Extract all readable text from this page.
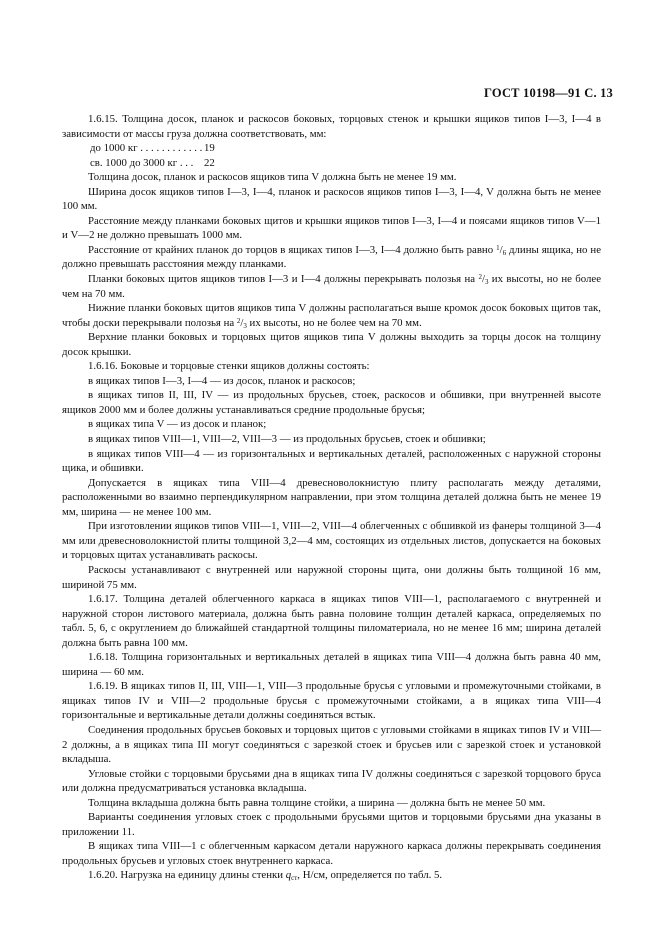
ГОСТ 10198—91 С. 13

1.6.15. Толщина досок, планок и раскосов боковых, торцовых стенок и крышки ящиков типов I—3, I—4 в зависимости от массы груза должна соответствовать, мм:

до 1000 кг . . . . . . . . . . . . 19
св. 1000 до 3000 кг . . . 22

Толщина досок, планок и раскосов ящиков типа V должна быть не менее 19 мм.

Ширина досок ящиков типов I—3, I—4, планок и раскосов ящиков типов I—3, I—4, V должна быть не менее 100 мм.

Расстояние между планками боковых щитов и крышки ящиков типов I—3, I—4 и поясами ящиков типов V—1 и V—2 не должно превышать 1000 мм.

Расстояние от крайних планок до торцов в ящиках типов I—3, I—4 должно быть равно $^1/_6$ длины ящика, но не должно превышать расстояния между планками.

Планки боковых щитов ящиков типов I—3 и I—4 должны перекрывать полозья на $^2/_3$ их высоты, но не более чем на 70 мм.

Нижние планки боковых щитов ящиков типа V должны располагаться выше кромок досок боковых щитов так, чтобы доски перекрывали полозья на $^2/_3$ их высоты, но не более чем на 70 мм.

Верхние планки боковых и торцовых щитов ящиков типа V должны выходить за торцы досок на толщину досок крышки.

1.6.16. Боковые и торцовые стенки ящиков должны состоять:

в ящиках типов I—3, I—4 — из досок, планок и раскосов;

в ящиках типов II, III, IV — из продольных брусьев, стоек, раскосов и обшивки, при внутренней высоте ящиков 2000 мм и более должны устанавливаться средние продольные брусья;

в ящиках типа V — из досок и планок;

в ящиках типов VIII—1, VIII—2, VIII—3 — из продольных брусьев, стоек и обшивки;

в ящиках типов VIII—4 — из горизонтальных и вертикальных деталей, расположенных с наружной стороны щика, и обшивки.

Допускается в ящиках типа VIII—4 древесноволокнистую плиту располагать между деталями, расположенными во взаимно перпендикулярном направлении, при этом толщина деталей должна быть не менее 19 мм, ширина — не менее 100 мм.

При изготовлении ящиков типов VIII—1, VIII—2, VIII—4 облегченных с обшивкой из фанеры толщиной 3—4 мм или древесноволокнистой плиты толщиной 3,2—4 мм, состоящих из отдельных листов, допускается на боковых и торцовых щитах устанавливать раскосы.

Раскосы устанавливают с внутренней или наружной стороны щита, они должны быть толщиной 16 мм, шириной 75 мм.

1.6.17. Толщина деталей облегченного каркаса в ящиках типов VIII—1, располагаемого с внутренней и наружной сторон листового материала, должна быть равна половине толщин деталей каркаса, определяемых по табл. 5, 6, с округлением до ближайшей стандартной толщины пиломатериала, но не менее 16 мм; ширина деталей должна быть равна 100 мм.

1.6.18. Толщина горизонтальных и вертикальных деталей в ящиках типа VIII—4 должна быть равна 40 мм, ширина — 60 мм.

1.6.19. В ящиках типов II, III, VIII—1, VIII—3 продольные брусья с угловыми и промежуточными стойками, в ящиках типов IV и VIII—2 продольные брусья с промежуточными стойками, а в ящиках типа VIII—4 горизонтальные и вертикальные детали должны соединяться встык.

Соединения продольных брусьев боковых и торцовых щитов с угловыми стойками в ящиках типов IV и VIII—2 должны, а в ящиках типа III могут соединяться с зарезкой стоек и брусьев или с зарезкой стоек и установкой вкладыша.

Угловые стойки с торцовыми брусьями дна в ящиках типа IV должны соединяться с зарезкой торцового бруса или должна предусматриваться установка вкладыша.

Толщина вкладыша должна быть равна толщине стойки, а ширина — должна быть не менее 50 мм.

Варианты соединения угловых стоек с продольными брусьями щитов и торцовыми брусьями дна указаны в приложении 11.

В ящиках типа VIII—1 с облегченным каркасом детали наружного каркаса должны перекрывать соединения продольных брусьев и угловых стоек внутреннего каркаса.

1.6.20. Нагрузка на единицу длины стенки qст, Н/см, определяется по табл. 5.
